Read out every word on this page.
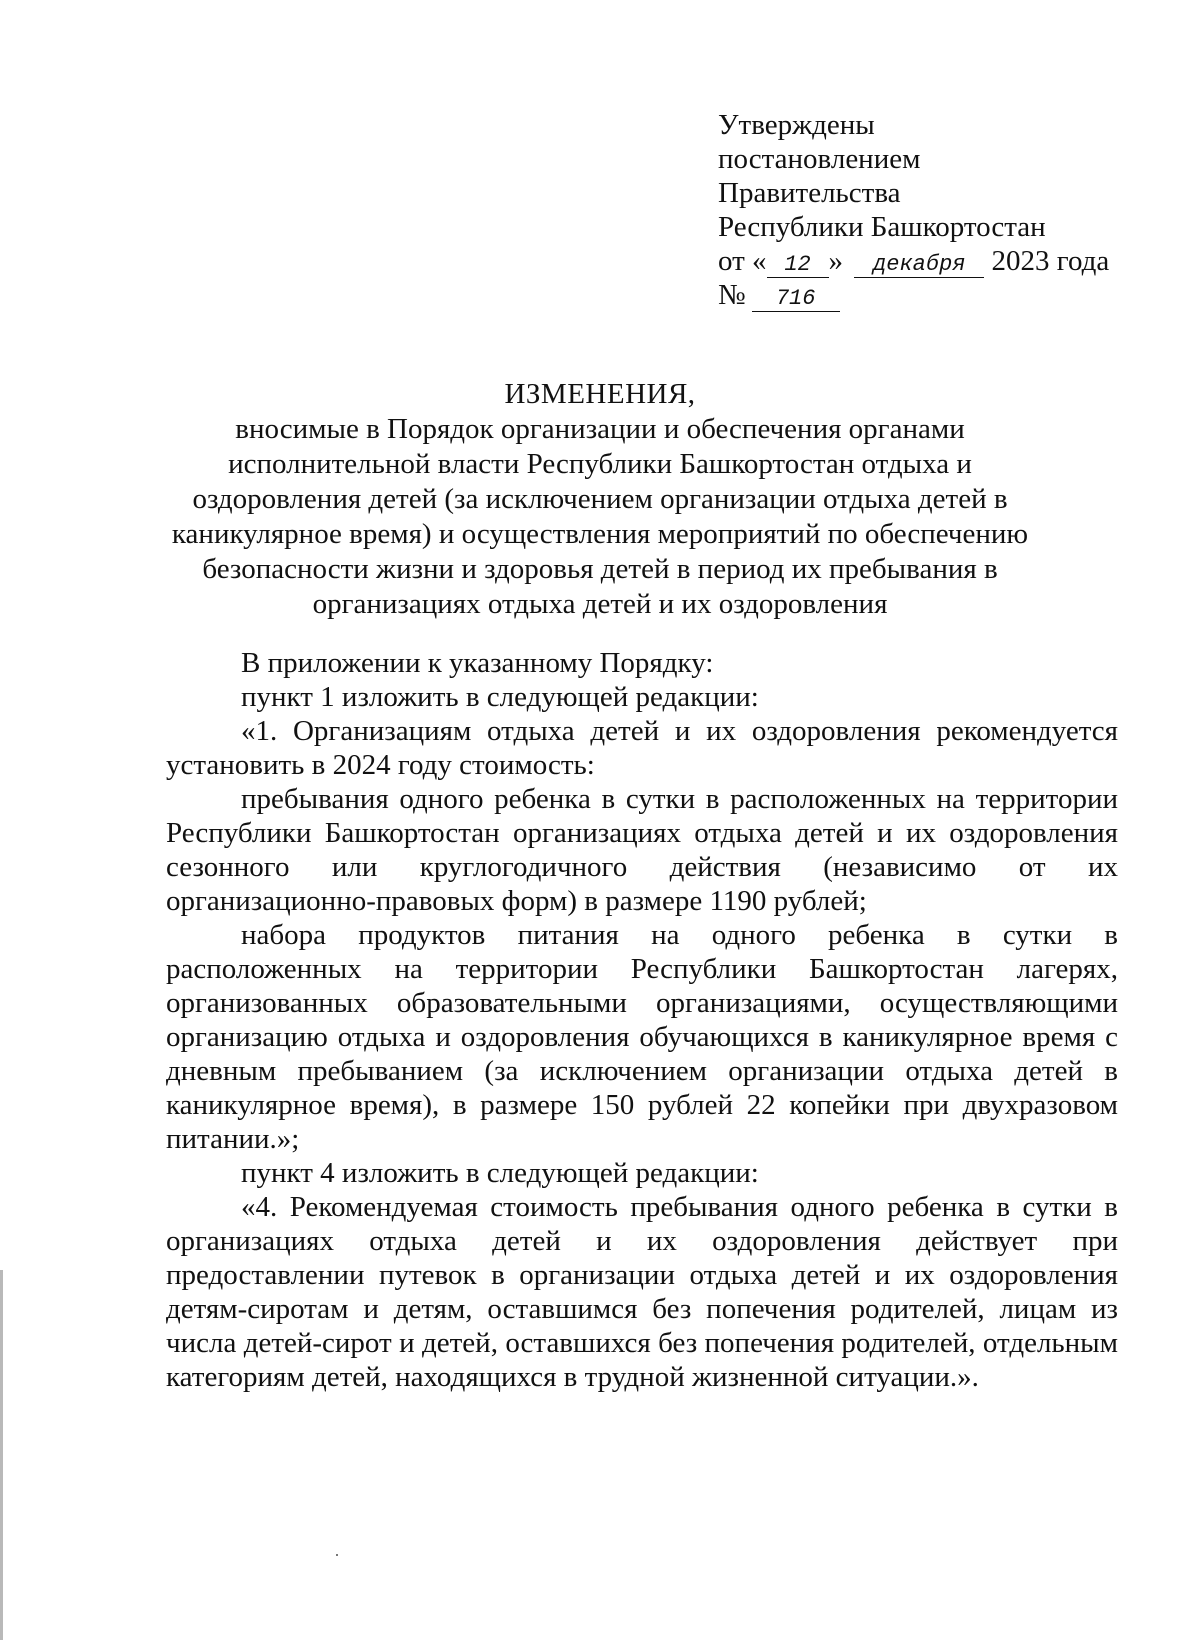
Утверждены
постановлением
Правительства
Республики Башкортостан
от « 12 » декабря 2023 года
№ 716
ИЗМЕНЕНИЯ,
вносимые в Порядок организации и обеспечения органами
исполнительной власти Республики Башкортостан отдыха и
оздоровления детей (за исключением организации отдыха детей в
каникулярное время) и осуществления мероприятий по обеспечению
безопасности жизни и здоровья детей в период их пребывания в
организациях отдыха детей и их оздоровления

В приложении к указанному Порядку:

пункт 1 изложить в следующей редакции:

«1. Организациям отдыха детей и их оздоровления рекомендуется установить в 2024 году стоимость:

пребывания одного ребенка в сутки в расположенных на территории Республики Башкортостан организациях отдыха детей и их оздоровления сезонного или круглогодичного действия (независимо от их организационно-правовых форм) в размере 1190 рублей;

набора продуктов питания на одного ребенка в сутки в расположенных на территории Республики Башкортостан лагерях, организованных образовательными организациями, осуществляющими организацию отдыха и оздоровления обучающихся в каникулярное время с дневным пребыванием (за исключением организации отдыха детей в каникулярное время), в размере 150 рублей 22 копейки при двухразовом питании.»;

пункт 4 изложить в следующей редакции:

«4. Рекомендуемая стоимость пребывания одного ребенка в сутки в организациях отдыха детей и их оздоровления действует при предоставлении путевок в организации отдыха детей и их оздоровления детям-сиротам и детям, оставшимся без попечения родителей, лицам из числа детей-сирот и детей, оставшихся без попечения родителей, отдельным категориям детей, находящихся в трудной жизненной ситуации.».
